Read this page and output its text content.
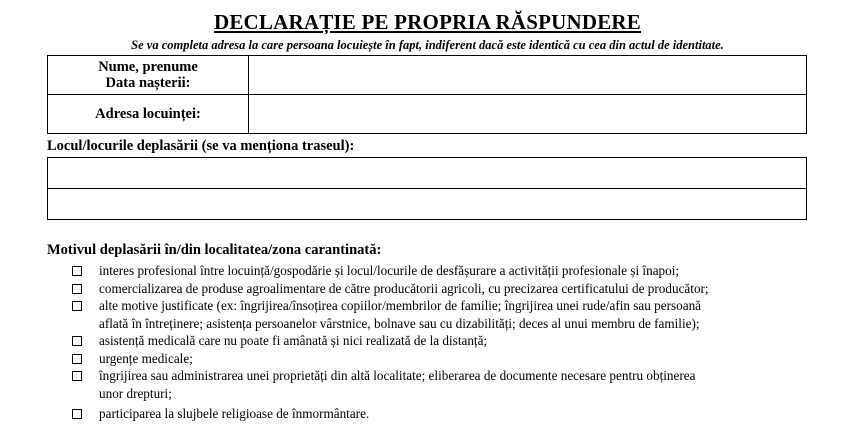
DECLARAȚIE PE PROPRIA RĂSPUNDERE
Se va completa adresa la care persoana locuiește în fapt, indiferent dacă este identică cu cea din actul de identitate.
Nume, prenume
Data nașterii:	

Adresa locuinței:	
Locul/locurile deplasării (se va menționa traseul):
Motivul deplasării în/din localitatea/zona carantinată:
interes profesional între locuință/gospodărie și locul/locurile de desfășurare a activității profesionale și înapoi;
comercializarea de produse agroalimentare de către producătorii agricoli, cu precizarea certificatului de producător;
alte motive justificate (ex: îngrijirea/însoțirea copiilor/membrilor de familie; îngrijirea unei rude/afin sau persoană
aflată în întreținere; asistența persoanelor vârstnice, bolnave sau cu dizabilități; deces al unui membru de familie);
asistență medicală care nu poate fi amânată și nici realizată de la distanță;
urgențe medicale;
îngrijirea sau administrarea unei proprietăți din altă localitate; eliberarea de documente necesare pentru obținerea
unor drepturi;
participarea la slujbele religioase de înmormântare.
